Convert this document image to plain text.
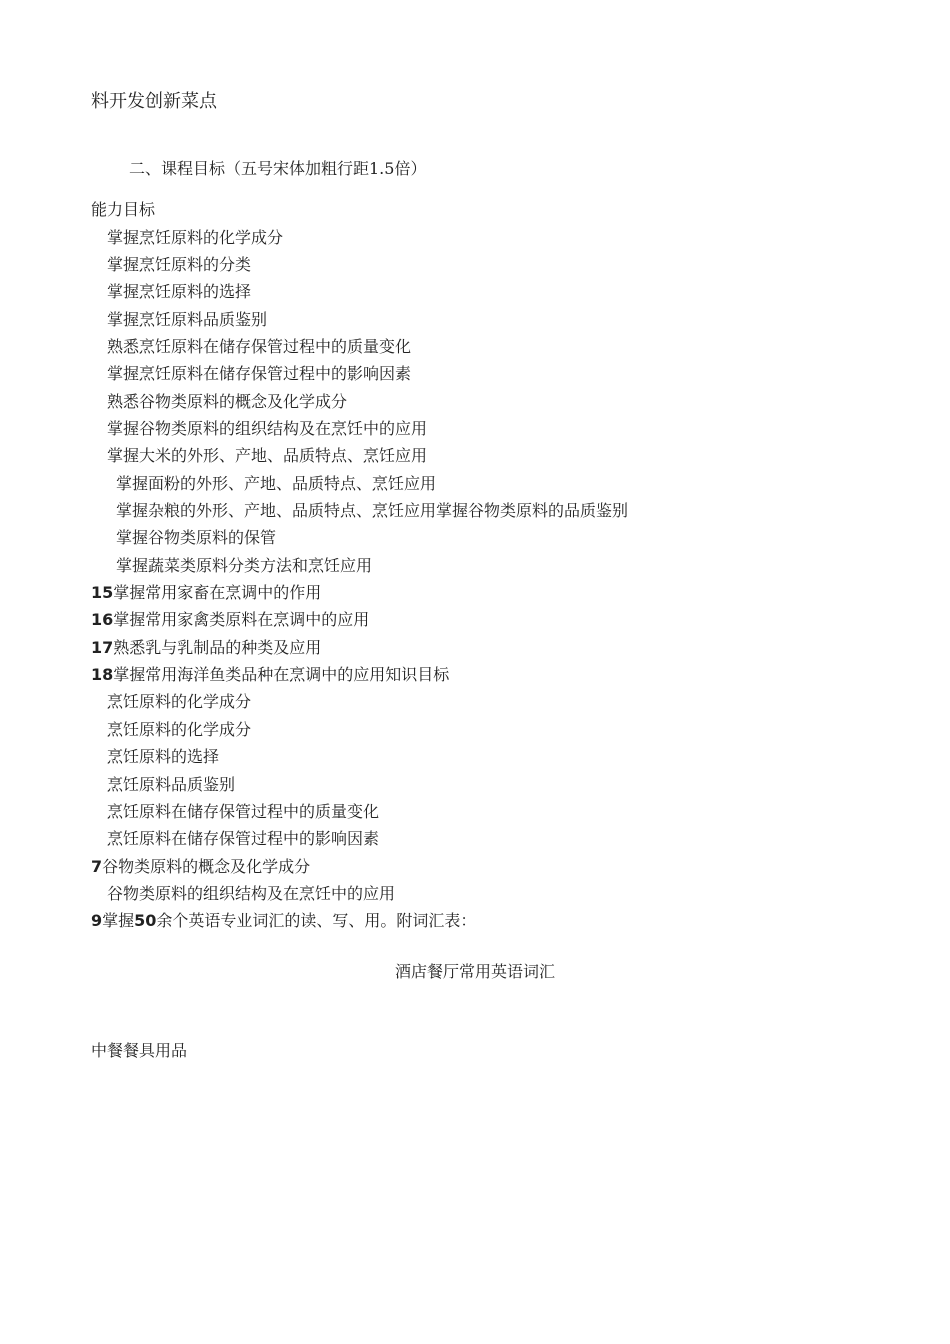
料开发创新菜点
二、课程目标（五号宋体加粗行距1.5倍）
能力目标
掌握烹饪原料的化学成分
掌握烹饪原料的分类
掌握烹饪原料的选择
掌握烹饪原料品质鉴别
熟悉烹饪原料在储存保管过程中的质量变化
掌握烹饪原料在储存保管过程中的影响因素
熟悉谷物类原料的概念及化学成分
掌握谷物类原料的组织结构及在烹饪中的应用
掌握大米的外形、产地、品质特点、烹饪应用
掌握面粉的外形、产地、品质特点、烹饪应用
掌握杂粮的外形、产地、品质特点、烹饪应用掌握谷物类原料的品质鉴别
掌握谷物类原料的保管
掌握蔬菜类原料分类方法和烹饪应用
15掌握常用家畜在烹调中的作用
16掌握常用家禽类原料在烹调中的应用
17熟悉乳与乳制品的种类及应用
18掌握常用海洋鱼类品种在烹调中的应用知识目标
烹饪原料的化学成分
烹饪原料的化学成分
烹饪原料的选择
烹饪原料品质鉴别
烹饪原料在储存保管过程中的质量变化
烹饪原料在储存保管过程中的影响因素
7谷物类原料的概念及化学成分
谷物类原料的组织结构及在烹饪中的应用
9掌握50余个英语专业词汇的读、写、用。附词汇表：
酒店餐厅常用英语词汇
中餐餐具用品
